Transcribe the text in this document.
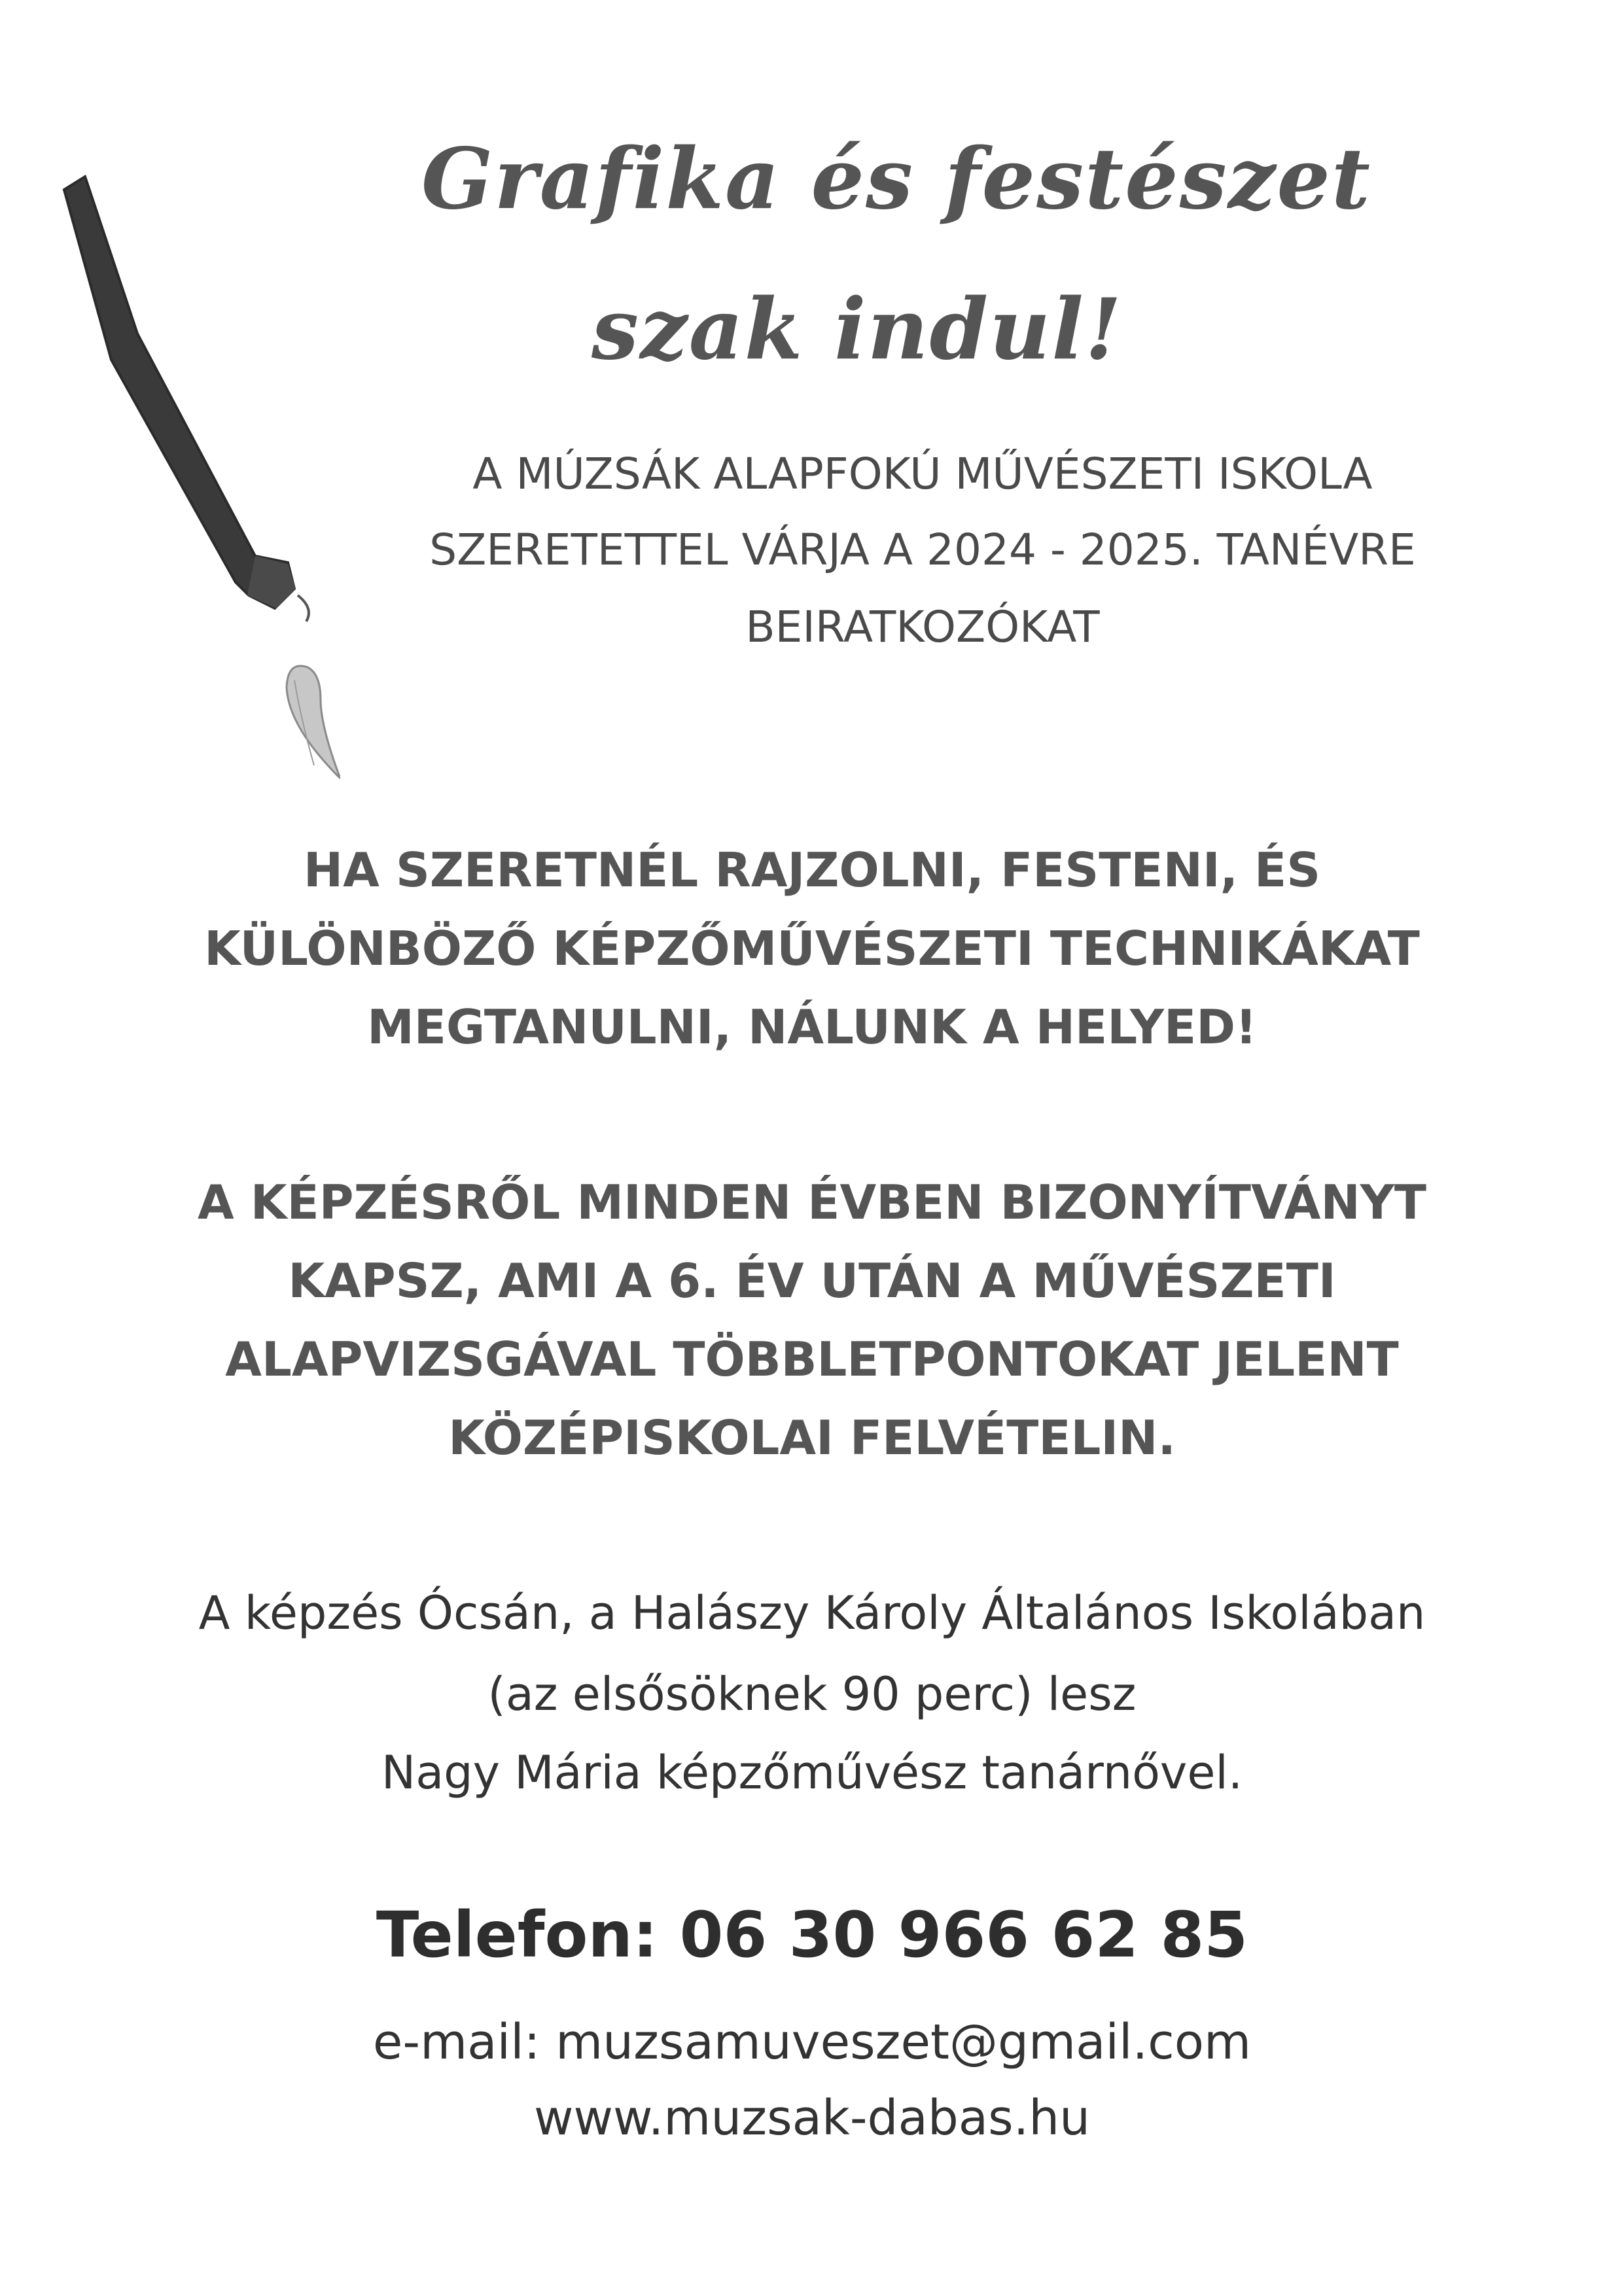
Grafika és festészet
szak indul!

A MÚZSÁK ALAPFOKÚ MŰVÉSZETI ISKOLA

SZERETETTEL VÁRJA A 2024 - 2025. TANÉVRE

BEIRATKOZÓKAT

HA SZERETNÉL RAJZOLNI, FESTENI, ÉS

KÜLÖNBÖZŐ KÉPZŐMŰVÉSZETI TECHNIKÁKAT

MEGTANULNI, NÁLUNK A HELYED!

A KÉPZÉSRŐL MINDEN ÉVBEN BIZONYÍTVÁNYT

KAPSZ, AMI A 6. ÉV UTÁN A MŰVÉSZETI

ALAPVIZSGÁVAL TÖBBLETPONTOKAT JELENT

KÖZÉPISKOLAI FELVÉTELIN.

A képzés Ócsán, a Halászy Károly Általános Iskolában

(az elsősöknek 90 perc) lesz

Nagy Mária képzőművész tanárnővel.

Telefon: 06 30 966 62 85

e-mail: muzsamuveszet@gmail.com

www.muzsak-dabas.hu
